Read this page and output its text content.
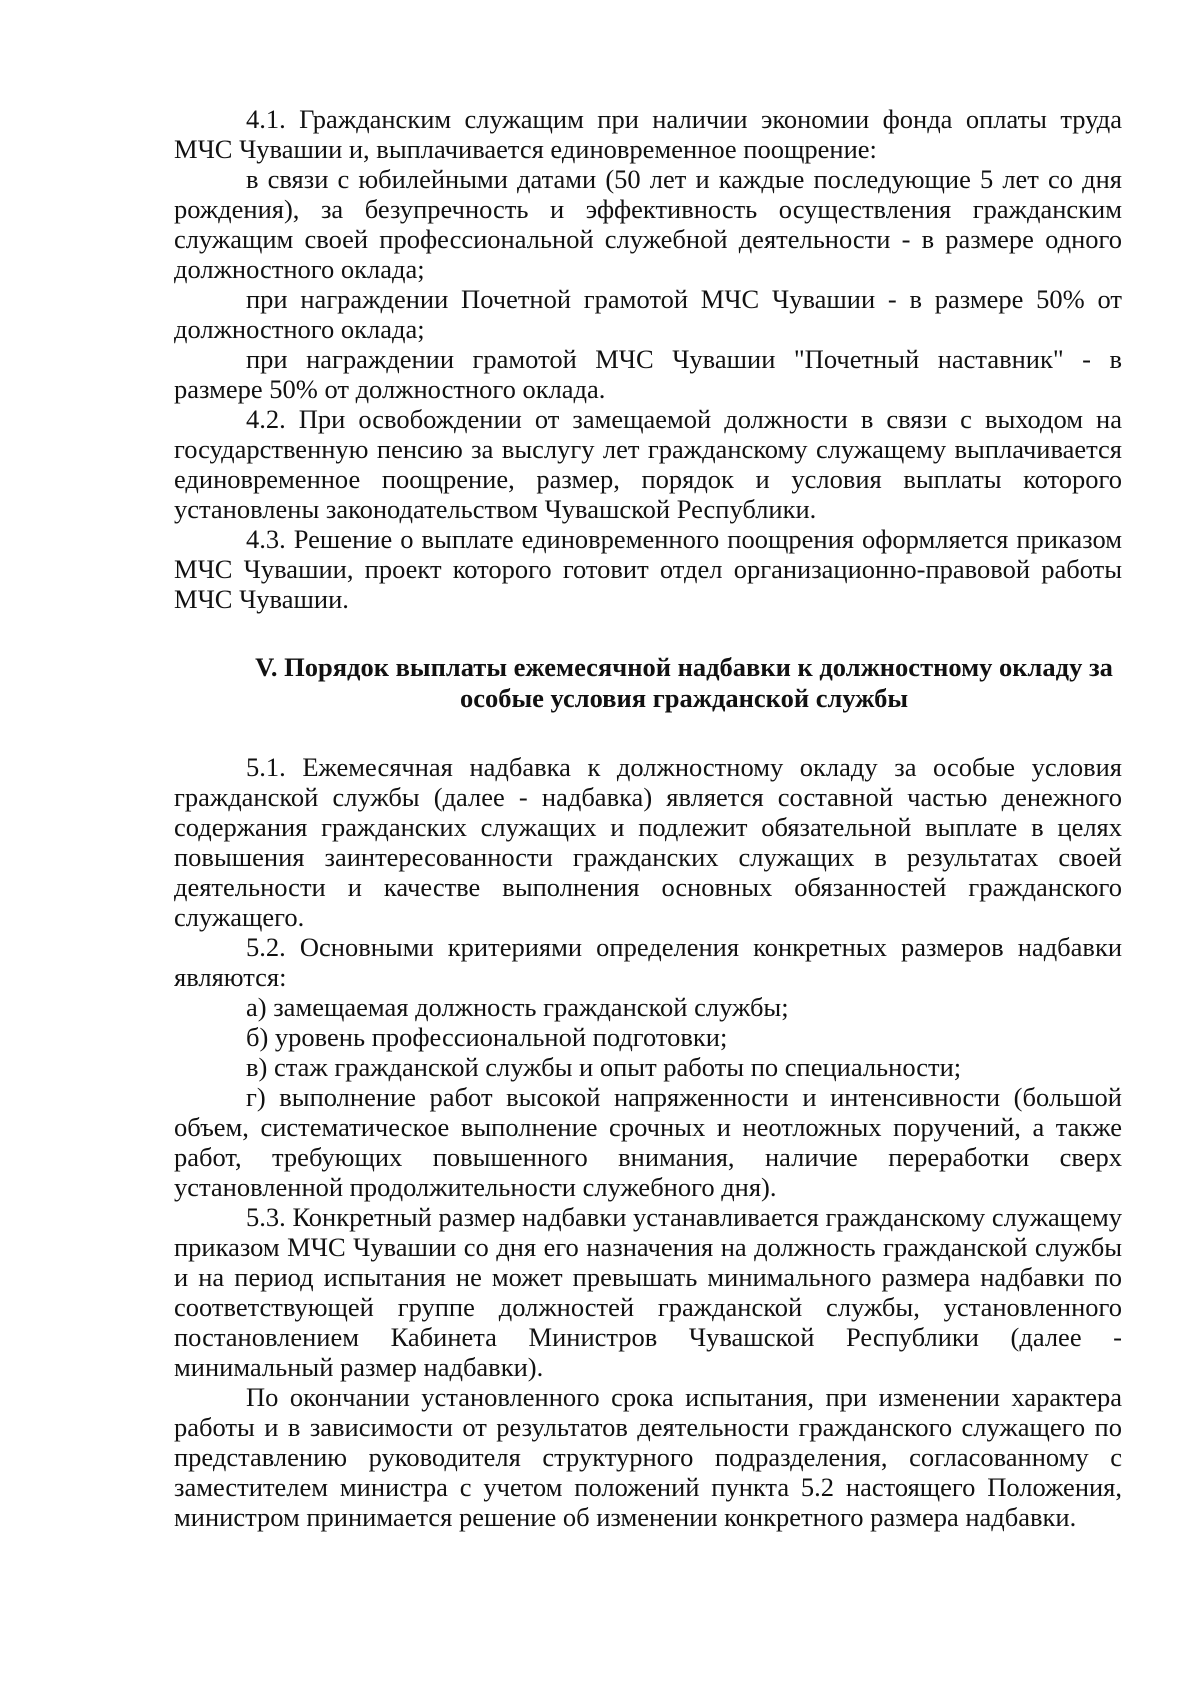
4.1. Гражданским служащим при наличии экономии фонда оплаты труда МЧС Чувашии и, выплачивается единовременное поощрение:

в связи с юбилейными датами (50 лет и каждые последующие 5 лет со дня рождения), за безупречность и эффективность осуществления гражданским служащим своей профессиональной служебной деятельности - в размере одного должностного оклада;

при награждении Почетной грамотой МЧС Чувашии - в размере 50% от должностного оклада;

при награждении грамотой МЧС Чувашии "Почетный наставник" - в размере 50% от должностного оклада.

4.2. При освобождении от замещаемой должности в связи с выходом на государственную пенсию за выслугу лет гражданскому служащему выплачивается единовременное поощрение, размер, порядок и условия выплаты которого установлены законодательством Чувашской Республики.

4.3. Решение о выплате единовременного поощрения оформляется приказом МЧС Чувашии, проект которого готовит отдел организационно-правовой работы МЧС Чувашии.

V. Порядок выплаты ежемесячной надбавки к должностному окладу за
особые условия гражданской службы

5.1. Ежемесячная надбавка к должностному окладу за особые условия гражданской службы (далее - надбавка) является составной частью денежного содержания гражданских служащих и подлежит обязательной выплате в целях повышения заинтересованности гражданских служащих в результатах своей деятельности и качестве выполнения основных обязанностей гражданского служащего.

5.2. Основными критериями определения конкретных размеров надбавки являются:

а) замещаемая должность гражданской службы;

б) уровень профессиональной подготовки;

в) стаж гражданской службы и опыт работы по специальности;

г) выполнение работ высокой напряженности и интенсивности (большой объем, систематическое выполнение срочных и неотложных поручений, а также работ, требующих повышенного внимания, наличие переработки сверх установленной продолжительности служебного дня).

5.3. Конкретный размер надбавки устанавливается гражданскому служащему приказом МЧС Чувашии со дня его назначения на должность гражданской службы и на период испытания не может превышать минимального размера надбавки по соответствующей группе должностей гражданской службы, установленного постановлением Кабинета Министров Чувашской Республики (далее - минимальный размер надбавки).

По окончании установленного срока испытания, при изменении характера работы и в зависимости от результатов деятельности гражданского служащего по представлению руководителя структурного подразделения, согласованному с заместителем министра с учетом положений пункта 5.2 настоящего Положения, министром принимается решение об изменении конкретного размера надбавки.
